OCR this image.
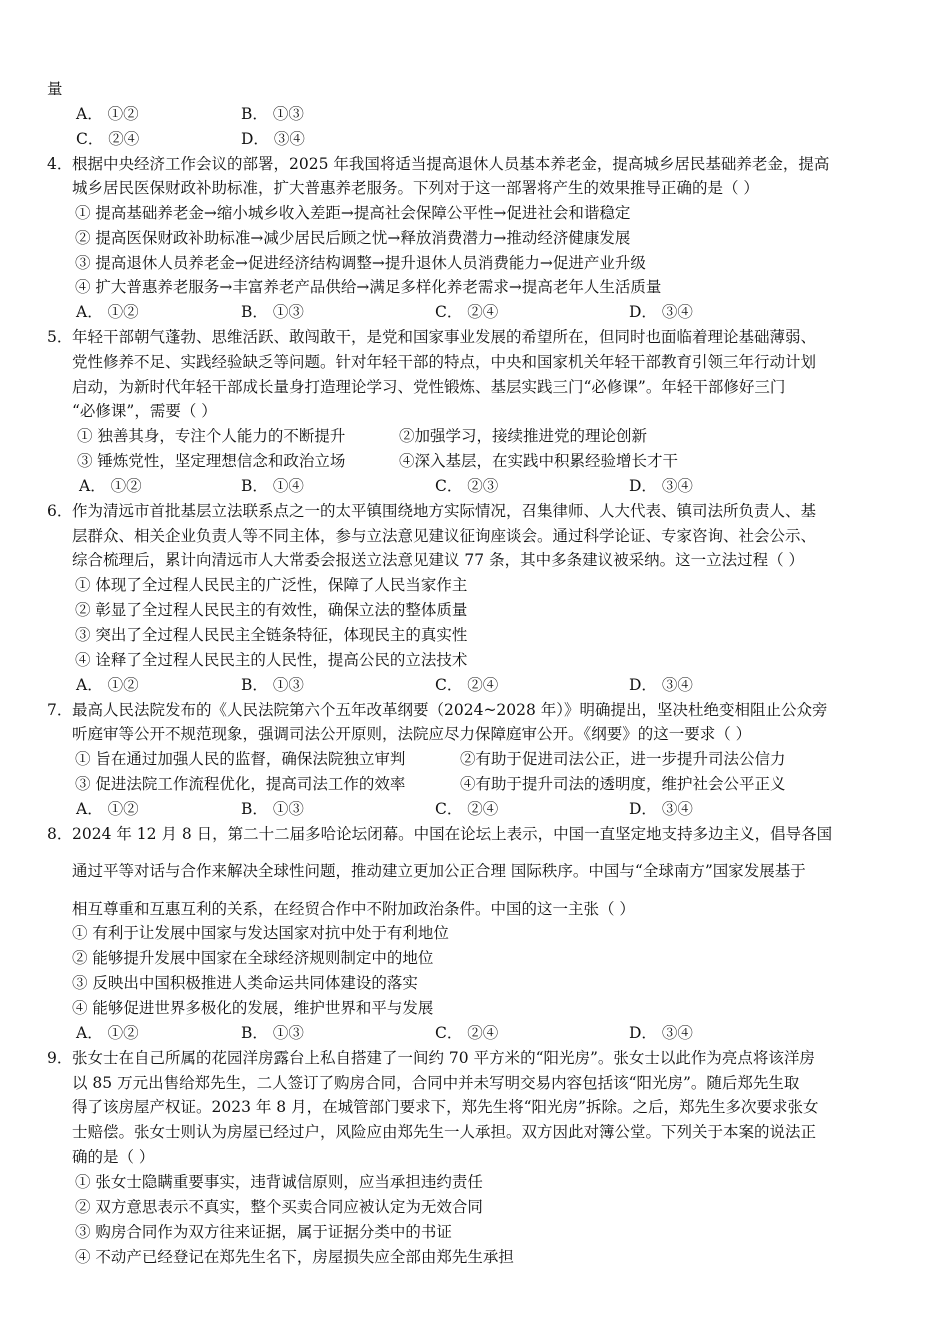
量
A． ①②	B． ①③
C． ②④	D． ③④
4． 根据中央经济工作会议的部署，2025 年我国将适当提高退休人员基本养老金，提高城乡居民基础养老金，提高
城乡居民医保财政补助标准，扩大普惠养老服务。下列对于这一部署将产生的效果推导正确的是（ ）
① 提高基础养老金→缩小城乡收入差距→提高社会保障公平性→促进社会和谐稳定
② 提高医保财政补助标准→减少居民后顾之忧→释放消费潜力→推动经济健康发展
③ 提高退休人员养老金→促进经济结构调整→提升退休人员消费能力→促进产业升级
④ 扩大普惠养老服务→丰富养老产品供给→满足多样化养老需求→提高老年人生活质量
A． ①②	B． ①③	C． ②④	D． ③④
5． 年轻干部朝气蓬勃、思维活跃、敢闯敢干，是党和国家事业发展的希望所在，但同时也面临着理论基础薄弱、
党性修养不足、实践经验缺乏等问题。针对年轻干部的特点，中央和国家机关年轻干部教育引领三年行动计划
启动，为新时代年轻干部成长量身打造理论学习、党性锻炼、基层实践三门“必修课”。年轻干部修好三门
“必修课”，需要（ ）
① 独善其身，专注个人能力的不断提升	②加强学习，接续推进党的理论创新
③ 锤炼党性，坚定理想信念和政治立场	④深入基层，在实践中积累经验增长才干
A． ①②	B． ①④	C． ②③	D． ③④
6． 作为清远市首批基层立法联系点之一的太平镇围绕地方实际情况，召集律师、人大代表、镇司法所负责人、基
层群众、相关企业负责人等不同主体，参与立法意见建议征询座谈会。通过科学论证、专家咨询、社会公示、
综合梳理后，累计向清远市人大常委会报送立法意见建议 77 条，其中多条建议被采纳。这一立法过程（ ）
① 体现了全过程人民民主的广泛性，保障了人民当家作主
② 彰显了全过程人民民主的有效性，确保立法的整体质量
③ 突出了全过程人民民主全链条特征，体现民主的真实性
④ 诠释了全过程人民民主的人民性，提高公民的立法技术
A． ①②	B． ①③	C． ②④	D． ③④
7． 最高人民法院发布的《人民法院第六个五年改革纲要（2024~2028 年）》明确提出，坚决杜绝变相阻止公众旁
听庭审等公开不规范现象，强调司法公开原则，法院应尽力保障庭审公开。《纲要》的这一要求（ ）
① 旨在通过加强人民的监督，确保法院独立审判	②有助于促进司法公正，进一步提升司法公信力
③ 促进法院工作流程优化，提高司法工作的效率	④有助于提升司法的透明度，维护社会公平正义
A． ①②	B． ①③	C． ②④	D． ③④
8． 2024 年 12 月 8 日，第二十二届多哈论坛闭幕。中国在论坛上表示，中国一直坚定地支持多边主义，倡导各国
通过平等对话与合作来解决全球性问题，推动建立更加公正合理 国际秩序。中国与“全球南方”国家发展基于
相互尊重和互惠互利的关系，在经贸合作中不附加政治条件。中国的这一主张（ ）
① 有利于让发展中国家与发达国家对抗中处于有利地位
② 能够提升发展中国家在全球经济规则制定中的地位
③ 反映出中国积极推进人类命运共同体建设的落实
④ 能够促进世界多极化的发展，维护世界和平与发展
A． ①②	B． ①③	C． ②④	D． ③④
9． 张女士在自己所属的花园洋房露台上私自搭建了一间约 70 平方米的“阳光房”。张女士以此作为亮点将该洋房
以 85 万元出售给郑先生，二人签订了购房合同，合同中并未写明交易内容包括该“阳光房”。随后郑先生取
得了该房屋产权证。2023 年 8 月，在城管部门要求下，郑先生将“阳光房”拆除。之后，郑先生多次要求张女
士赔偿。张女士则认为房屋已经过户，风险应由郑先生一人承担。双方因此对簿公堂。下列关于本案的说法正
确的是（ ）
① 张女士隐瞒重要事实，违背诚信原则，应当承担违约责任
② 双方意思表示不真实，整个买卖合同应被认定为无效合同
③ 购房合同作为双方往来证据，属于证据分类中的书证
④ 不动产已经登记在郑先生名下，房屋损失应全部由郑先生承担
